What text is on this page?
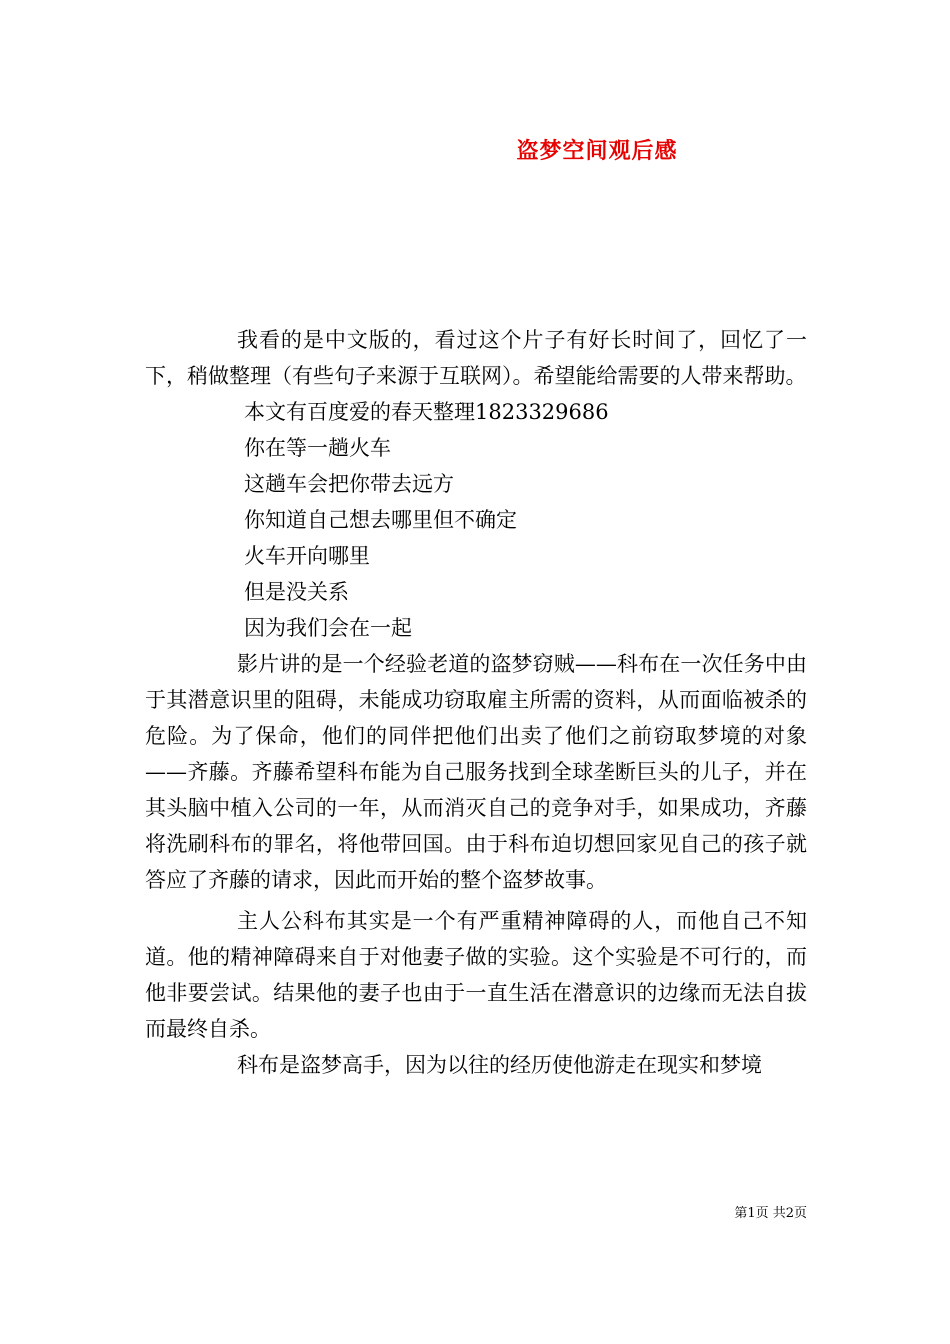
盗梦空间观后感

我看的是中文版的，看过这个片子有好长时间了，回忆了一下，稍做整理（有些句子来源于互联网）。希望能给需要的人带来帮助。

本文有百度爱的春天整理1823329686

你在等一趟火车

这趟车会把你带去远方

你知道自己想去哪里但不确定

火车开向哪里

但是没关系

因为我们会在一起

影片讲的是一个经验老道的盗梦窃贼——科布在一次任务中由于其潜意识里的阻碍，未能成功窃取雇主所需的资料，从而面临被杀的危险。为了保命，他们的同伴把他们出卖了他们之前窃取梦境的对象——齐藤。齐藤希望科布能为自己服务找到全球垄断巨头的儿子，并在其头脑中植入公司的一年，从而消灭自己的竞争对手，如果成功，齐藤将洗刷科布的罪名，将他带回国。由于科布迫切想回家见自己的孩子就答应了齐藤的请求，因此而开始的整个盗梦故事。

主人公科布其实是一个有严重精神障碍的人，而他自己不知道。他的精神障碍来自于对他妻子做的实验。这个实验是不可行的，而他非要尝试。结果他的妻子也由于一直生活在潜意识的边缘而无法自拔而最终自杀。

科布是盗梦高手，因为以往的经历使他游走在现实和梦境

第1页 共2页
